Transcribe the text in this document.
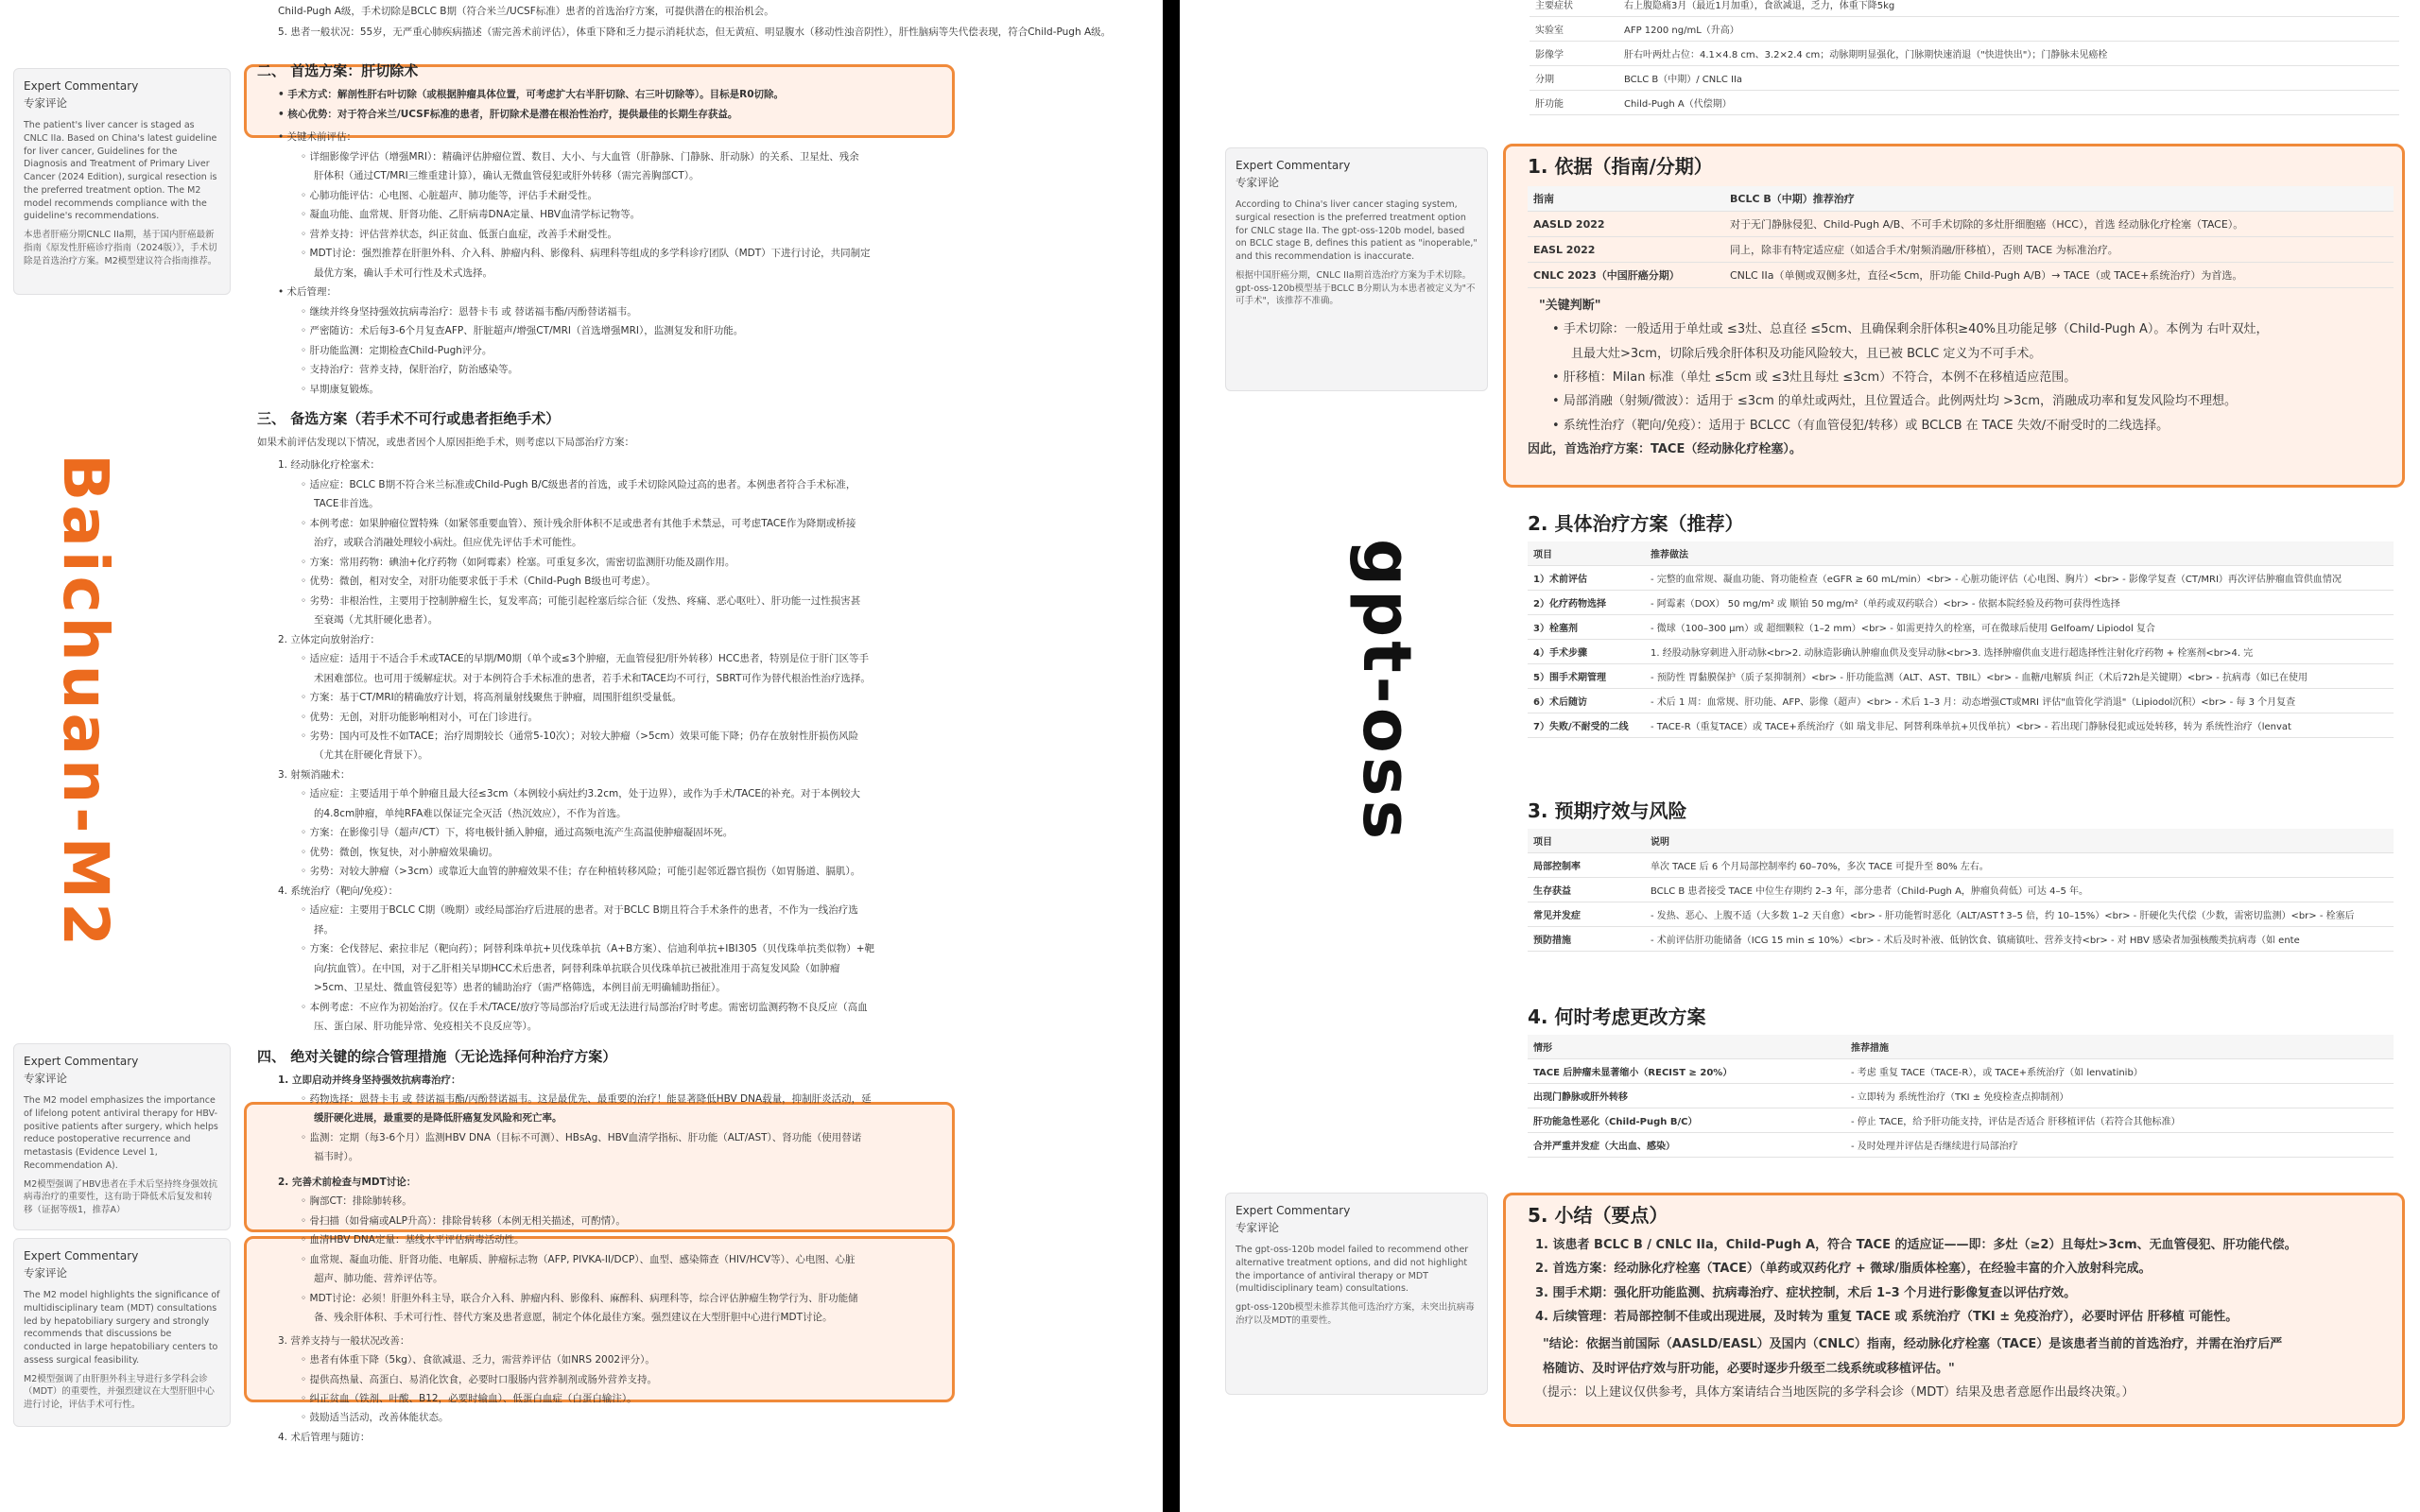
Baichuan-M2
Expert Commentary
专家评论
The patient's liver cancer is staged as CNLC IIa. Based on China's latest guideline for liver cancer, Guidelines for the Diagnosis and Treatment of Primary Liver Cancer (2024 Edition), surgical resection is the preferred treatment option. The M2 model recommends compliance with the guideline's recommendations.
本患者肝癌分期CNLC IIa期，基于国内肝癌最新指南《原发性肝癌诊疗指南（2024版）》，手术切除是首选治疗方案。M2模型建议符合指南推荐。
Expert Commentary
专家评论
The M2 model emphasizes the importance of lifelong potent antiviral therapy for HBV-positive patients after surgery, which helps reduce postoperative recurrence and metastasis (Evidence Level 1, Recommendation A).
M2模型强调了HBV患者在手术后坚持终身强效抗病毒治疗的重要性，这有助于降低术后复发和转移（证据等级1，推荐A）
Expert Commentary
专家评论
The M2 model highlights the significance of multidisciplinary team (MDT) consultations led by hepatobiliary surgery and strongly recommends that discussions be conducted in large hepatobiliary centers to assess surgical feasibility.
M2模型强调了由肝胆外科主导进行多学科会诊（MDT）的重要性，并强烈建议在大型肝胆中心进行讨论，评估手术可行性。
Child-Pugh A级，手术切除是BCLC B期（符合米兰/UCSF标准）患者的首选治疗方案，可提供潜在的根治机会。
5. 患者一般状况：55岁，无严重心肺疾病描述（需完善术前评估），体重下降和乏力提示消耗状态，但无黄疸、明显腹水（移动性浊音阴性），肝性脑病等失代偿表现，符合Child-Pugh A级。
二、 首选方案：肝切除术
• 手术方式：解剖性肝右叶切除（或根据肿瘤具体位置，可考虑扩大右半肝切除、右三叶切除等）。目标是R0切除。
• 核心优势：对于符合米兰/UCSF标准的患者，肝切除术是潜在根治性治疗，提供最佳的长期生存获益。
• 关键术前评估：
◦ 详细影像学评估（增强MRI）：精确评估肿瘤位置、数目、大小、与大血管（肝静脉、门静脉、肝动脉）的关系、卫星灶、残余
肝体积（通过CT/MRI三维重建计算），确认无微血管侵犯或肝外转移（需完善胸部CT）。
◦ 心肺功能评估：心电图、心脏超声、肺功能等，评估手术耐受性。
◦ 凝血功能、血常规、肝肾功能、乙肝病毒DNA定量、HBV血清学标记物等。
◦ 营养支持：评估营养状态，纠正贫血、低蛋白血症，改善手术耐受性。
◦ MDT讨论：强烈推荐在肝胆外科、介入科、肿瘤内科、影像科、病理科等组成的多学科诊疗团队（MDT）下进行讨论，共同制定
最优方案，确认手术可行性及术式选择。
• 术后管理：
◦ 继续并终身坚持强效抗病毒治疗：恩替卡韦 或 替诺福韦酯/丙酚替诺福韦。
◦ 严密随访：术后每3-6个月复查AFP、肝脏超声/增强CT/MRI（首选增强MRI），监测复发和肝功能。
◦ 肝功能监测：定期检查Child-Pugh评分。
◦ 支持治疗：营养支持，保肝治疗，防治感染等。
◦ 早期康复锻炼。
三、 备选方案（若手术不可行或患者拒绝手术）
如果术前评估发现以下情况，或患者因个人原因拒绝手术，则考虑以下局部治疗方案：
1. 经动脉化疗栓塞术：
◦ 适应症：BCLC B期不符合米兰标准或Child-Pugh B/C级患者的首选，或手术切除风险过高的患者。本例患者符合手术标准，
TACE非首选。
◦ 本例考虑：如果肿瘤位置特殊（如紧邻重要血管）、预计残余肝体积不足或患者有其他手术禁忌，可考虑TACE作为降期或桥接
治疗，或联合消融处理较小病灶。但应优先评估手术可能性。
◦ 方案：常用药物：碘油+化疗药物（如阿霉素）栓塞。可重复多次，需密切监测肝功能及副作用。
◦ 优势：微创，相对安全，对肝功能要求低于手术（Child-Pugh B级也可考虑）。
◦ 劣势：非根治性，主要用于控制肿瘤生长，复发率高；可能引起栓塞后综合征（发热、疼痛、恶心呕吐）、肝功能一过性损害甚
至衰竭（尤其肝硬化患者）。
2. 立体定向放射治疗：
◦ 适应症：适用于不适合手术或TACE的早期/M0期（单个或≤3个肿瘤，无血管侵犯/肝外转移）HCC患者，特别是位于肝门区等手
术困难部位。也可用于缓解症状。对于本例符合手术标准的患者，若手术和TACE均不可行，SBRT可作为替代根治性治疗选择。
◦ 方案：基于CT/MRI的精确放疗计划，将高剂量射线聚焦于肿瘤，周围肝组织受量低。
◦ 优势：无创，对肝功能影响相对小，可在门诊进行。
◦ 劣势：国内可及性不如TACE；治疗周期较长（通常5-10次）；对较大肿瘤（>5cm）效果可能下降；仍存在放射性肝损伤风险
（尤其在肝硬化背景下）。
3. 射频消融术：
◦ 适应症：主要适用于单个肿瘤且最大径≤3cm（本例较小病灶约3.2cm，处于边界），或作为手术/TACE的补充。对于本例较大
的4.8cm肿瘤，单纯RFA难以保证完全灭活（热沉效应），不作为首选。
◦ 方案：在影像引导（超声/CT）下，将电极针插入肿瘤，通过高频电流产生高温使肿瘤凝固坏死。
◦ 优势：微创，恢复快，对小肿瘤效果确切。
◦ 劣势：对较大肿瘤（>3cm）或靠近大血管的肿瘤效果不佳；存在种植转移风险；可能引起邻近器官损伤（如胃肠道、膈肌）。
4. 系统治疗（靶向/免疫）：
◦ 适应症：主要用于BCLC C期（晚期）或经局部治疗后进展的患者。对于BCLC B期且符合手术条件的患者，不作为一线治疗选
择。
◦ 方案：仑伐替尼、索拉非尼（靶向药）；阿替利珠单抗+贝伐珠单抗（A+B方案）、信迪利单抗+IBI305（贝伐珠单抗类似物）+靶
向/抗血管）。在中国，对于乙肝相关早期HCC术后患者，阿替利珠单抗联合贝伐珠单抗已被批准用于高复发风险（如肿瘤
>5cm、卫星灶、微血管侵犯等）患者的辅助治疗（需严格筛选，本例目前无明确辅助指征）。
◦ 本例考虑：不应作为初始治疗。仅在手术/TACE/放疗等局部治疗后或无法进行局部治疗时考虑。需密切监测药物不良反应（高血
压、蛋白尿、肝功能异常、免疫相关不良反应等）。
四、 绝对关键的综合管理措施（无论选择何种治疗方案）
1. 立即启动并终身坚持强效抗病毒治疗：
◦ 药物选择：恩替卡韦 或 替诺福韦酯/丙酚替诺福韦。这是最优先、最重要的治疗！能显著降低HBV DNA载量，抑制肝炎活动，延
缓肝硬化进展，最重要的是降低肝癌复发风险和死亡率。
◦ 监测：定期（每3-6个月）监测HBV DNA（目标不可测）、HBsAg、HBV血清学指标、肝功能（ALT/AST）、肾功能（使用替诺
福韦时）。
2. 完善术前检查与MDT讨论：
◦ 胸部CT：排除肺转移。
◦ 骨扫描（如骨痛或ALP升高）：排除骨转移（本例无相关描述，可酌情）。
◦ 血清HBV DNA定量：基线水平评估病毒活动性。
◦ 血常规、凝血功能、肝肾功能、电解质、肿瘤标志物（AFP, PIVKA-II/DCP）、血型、感染筛查（HIV/HCV等）、心电图、心脏
超声、肺功能、营养评估等。
◦ MDT讨论：必须！肝胆外科主导，联合介入科、肿瘤内科、影像科、麻醉科、病理科等，综合评估肿瘤生物学行为、肝功能储
备、残余肝体积、手术可行性、替代方案及患者意愿，制定个体化最佳方案。强烈建议在大型肝胆中心进行MDT讨论。
3. 营养支持与一般状况改善：
◦ 患者有体重下降（5kg）、食欲减退、乏力，需营养评估（如NRS 2002评分）。
◦ 提供高热量、高蛋白、易消化饮食，必要时口服肠内营养制剂或肠外营养支持。
◦ 纠正贫血（铁剂、叶酸、B12，必要时输血）、低蛋白血症（白蛋白输注）。
◦ 鼓励适当活动，改善体能状态。
4. 术后管理与随访：
gpt-oss
Expert Commentary
专家评论
According to China's liver cancer staging system, surgical resection is the preferred treatment option for CNLC stage IIa. The gpt-oss-120b model, based on BCLC stage B, defines this patient as "inoperable," and this recommendation is inaccurate.
根据中国肝癌分期，CNLC IIa期首选治疗方案为手术切除。gpt-oss-120b模型基于BCLC B分期认为本患者被定义为"不可手术"，该推荐不准确。
Expert Commentary
专家评论
The gpt-oss-120b model failed to recommend other alternative treatment options, and did not highlight the importance of antiviral therapy or MDT (multidisciplinary team) consultations.
gpt-oss-120b模型未推荐其他可选治疗方案，未突出抗病毒治疗以及MDT的重要性。
主要症状	右上腹隐痛3月（最近1月加重），食欲减退，乏力，体重下降5kg
实验室	AFP 1200 ng/mL（升高）
影像学	肝右叶两灶占位：4.1×4.8 cm、3.2×2.4 cm；动脉期明显强化，门脉期快速消退（"快进快出"）；门静脉未见癌栓
分期	BCLC B（中期）/ CNLC IIa
肝功能	Child-Pugh A（代偿期）
1. 依据（指南/分期）
指南	BCLC B（中期）推荐治疗
AASLD 2022	对于无门静脉侵犯、Child-Pugh A/B、不可手术切除的多灶肝细胞癌（HCC），首选 经动脉化疗栓塞（TACE）。
EASL 2022	同上，除非有特定适应症（如适合手术/射频消融/肝移植），否则 TACE 为标准治疗。
CNLC 2023（中国肝癌分期）	CNLC IIa（单侧或双侧多灶，直径<5cm，肝功能 Child-Pugh A/B）→ TACE（或 TACE+系统治疗）为首选。
"关键判断"
• 手术切除：一般适用于单灶或 ≤3灶、总直径 ≤5cm、且确保剩余肝体积≥40%且功能足够（Child-Pugh A）。本例为 右叶双灶，
且最大灶>3cm，切除后残余肝体积及功能风险较大，且已被 BCLC 定义为不可手术。
• 肝移植：Milan 标准（单灶 ≤5cm 或 ≤3灶且每灶 ≤3cm）不符合，本例不在移植适应范围。
• 局部消融（射频/微波）：适用于 ≤3cm 的单灶或两灶，且位置适合。此例两灶均 >3cm，消融成功率和复发风险均不理想。
• 系统性治疗（靶向/免疫）：适用于 BCLCC（有血管侵犯/转移）或 BCLCB 在 TACE 失效/不耐受时的二线选择。
因此，首选治疗方案：TACE（经动脉化疗栓塞）。
2. 具体治疗方案（推荐）
项目	推荐做法
1）术前评估	- 完整的血常规、凝血功能、肾功能检查（eGFR ≥ 60 mL/min）<br> - 心脏功能评估（心电图、胸片）<br> - 影像学复查（CT/MRI）再次评估肿瘤血管供血情况
2）化疗药物选择	- 阿霉素（DOX） 50 mg/m² 或 顺铂 50 mg/m²（单药或双药联合）<br> - 依据本院经验及药物可获得性选择
3）栓塞剂	- 微球（100–300 μm）或 超细颗粒（1–2 mm）<br> - 如需更持久的栓塞，可在微球后使用 Gelfoam/ Lipiodol 复合
4）手术步骤	1. 经股动脉穿刺进入肝动脉<br>2. 动脉造影确认肿瘤血供及变异动脉<br>3. 选择肿瘤供血支进行超选择性注射化疗药物 + 栓塞剂<br>4. 完
5）围手术期管理	- 预防性 胃黏膜保护（质子泵抑制剂）<br> - 肝功能监测（ALT、AST、TBIL）<br> - 血糖/电解质 纠正（术后72h是关键期）<br> - 抗病毒（如已在使用
6）术后随访	- 术后 1 周：血常规、肝功能、AFP、影像（超声）<br> - 术后 1–3 月：动态增强CT或MRI 评估"血管化学消退"（Lipiodol沉积）<br> - 每 3 个月复查
7）失败/不耐受的二线	- TACE-R（重复TACE）或 TACE+系统治疗（如 瑞戈非尼、阿替利珠单抗+贝伐单抗）<br> - 若出现门静脉侵犯或远处转移，转为 系统性治疗（lenvat
3. 预期疗效与风险
项目	说明
局部控制率	单次 TACE 后 6 个月局部控制率约 60–70%，多次 TACE 可提升至 80% 左右。
生存获益	BCLC B 患者接受 TACE 中位生存期约 2–3 年，部分患者（Child-Pugh A，肿瘤负荷低）可达 4–5 年。
常见并发症	- 发热、恶心、上腹不适（大多数 1–2 天自愈）<br> - 肝功能暂时恶化（ALT/AST↑3–5 倍，约 10–15%）<br> - 肝硬化失代偿（少数，需密切监测）<br> - 栓塞后
预防措施	- 术前评估肝功能储备（ICG 15 min ≤ 10%）<br> - 术后及时补液、低钠饮食、镇痛镇吐、营养支持<br> - 对 HBV 感染者加强核酸类抗病毒（如 ente
4. 何时考虑更改方案
情形	推荐措施
TACE 后肿瘤未显著缩小（RECIST ≥ 20%）	- 考虑 重复 TACE（TACE-R），或 TACE+系统治疗（如 lenvatinib）
出现门静脉或肝外转移	- 立即转为 系统性治疗（TKI ± 免疫检查点抑制剂）
肝功能急性恶化（Child-Pugh B/C）	- 停止 TACE，给予肝功能支持，评估是否适合 肝移植评估（若符合其他标准）
合并严重并发症（大出血、感染）	- 及时处理并评估是否继续进行局部治疗
5. 小结（要点）
1. 该患者 BCLC B / CNLC IIa，Child-Pugh A，符合 TACE 的适应证——即：多灶（≥2）且每灶>3cm、无血管侵犯、肝功能代偿。
2. 首选方案：经动脉化疗栓塞（TACE）（单药或双药化疗 + 微球/脂质体栓塞），在经验丰富的介入放射科完成。
3. 围手术期：强化肝功能监测、抗病毒治疗、症状控制，术后 1–3 个月进行影像复查以评估疗效。
4. 后续管理：若局部控制不佳或出现进展，及时转为 重复 TACE 或 系统治疗（TKI ± 免疫治疗），必要时评估 肝移植 可能性。
"结论：依据当前国际（AASLD/EASL）及国内（CNLC）指南，经动脉化疗栓塞（TACE）是该患者当前的首选治疗，并需在治疗后严
格随访、及时评估疗效与肝功能，必要时逐步升级至二线系统或移植评估。"
（提示：以上建议仅供参考，具体方案请结合当地医院的多学科会诊（MDT）结果及患者意愿作出最终决策。）
